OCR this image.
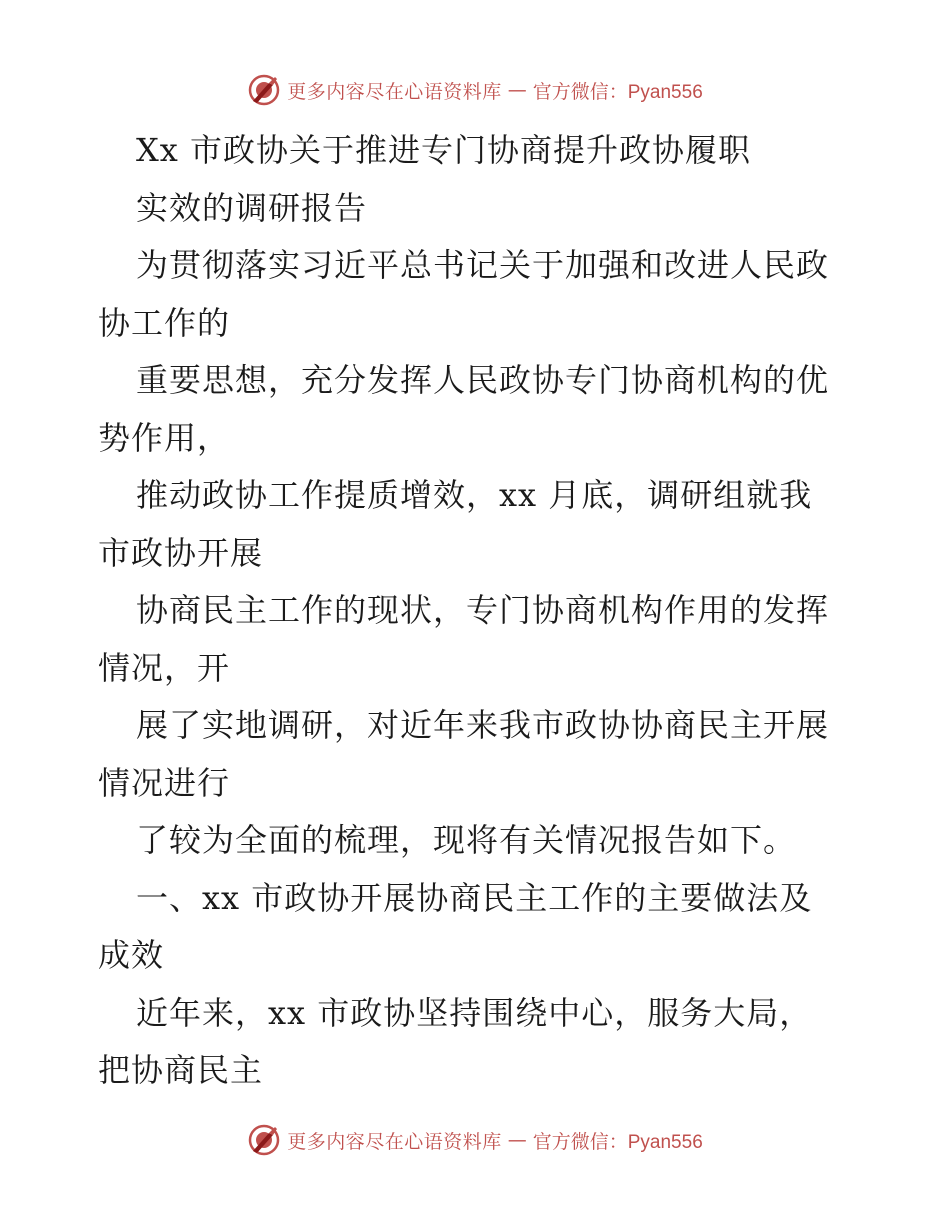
更多内容尽在心语资料库 — 官方微信：Pyan556
Xx 市政协关于推进专门协商提升政协履职
实效的调研报告
为贯彻落实习近平总书记关于加强和改进人民政
协工作的
重要思想，充分发挥人民政协专门协商机构的优
势作用，
推动政协工作提质增效，xx 月底，调研组就我
市政协开展
协商民主工作的现状，专门协商机构作用的发挥
情况，开
展了实地调研，对近年来我市政协协商民主开展
情况进行
了较为全面的梳理，现将有关情况报告如下。
一、xx 市政协开展协商民主工作的主要做法及
成效
近年来，xx 市政协坚持围绕中心，服务大局，
把协商民主
更多内容尽在心语资料库 — 官方微信：Pyan556
